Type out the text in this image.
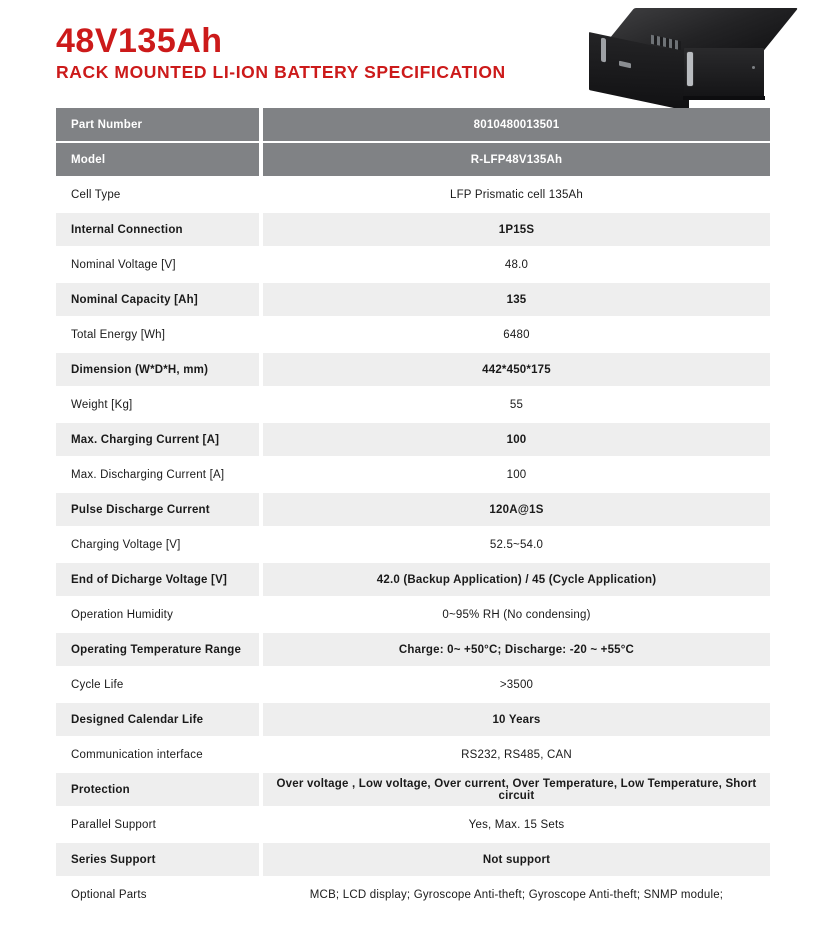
48V135Ah
RACK MOUNTED LI-ION BATTERY SPECIFICATION
Part Number		8010480013501
Model		R-LFP48V135Ah
Cell Type		LFP Prismatic cell 135Ah
Internal Connection		1P15S
Nominal Voltage [V]		48.0
Nominal Capacity [Ah]		135
Total Energy [Wh]		6480
Dimension (W*D*H, mm)		442*450*175
Weight [Kg]		55
Max. Charging Current [A]		100
Max. Discharging Current [A]		100
Pulse Discharge Current		120A@1S
Charging Voltage [V]		52.5~54.0
End of Dicharge Voltage [V]		42.0 (Backup Application) / 45 (Cycle Application)
Operation Humidity		0~95% RH (No condensing)
Operating Temperature Range		Charge: 0~ +50°C; Discharge: -20 ~ +55°C
Cycle Life		>3500
Designed Calendar Life		10 Years
Communication interface		RS232, RS485, CAN
Protection		Over voltage , Low voltage, Over current, Over Temperature, Low Temperature, Short circuit
Parallel Support		Yes, Max. 15 Sets
Series Support		Not support
Optional Parts		MCB; LCD display; Gyroscope Anti-theft; Gyroscope Anti-theft; SNMP module;
